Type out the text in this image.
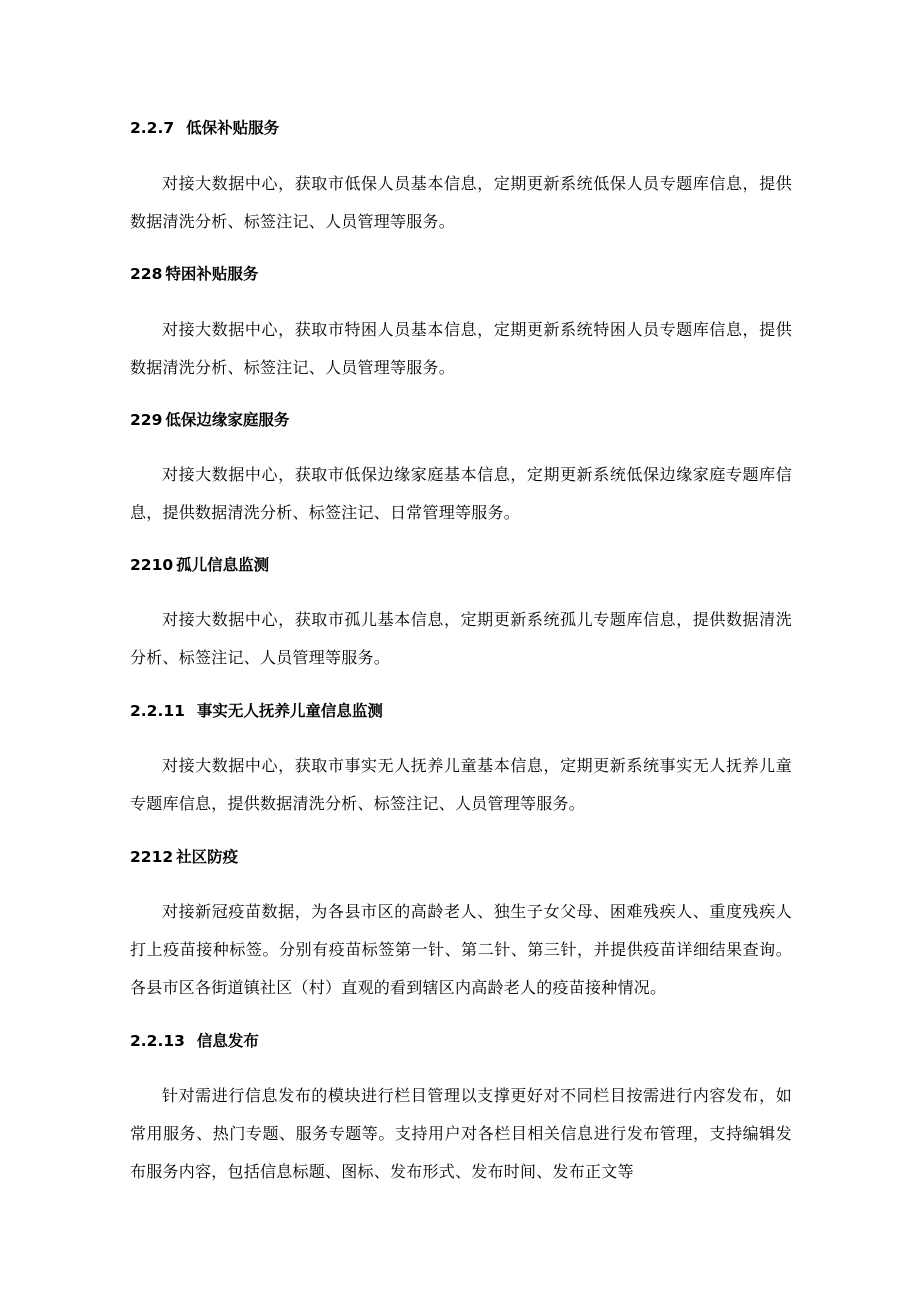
2.2.7 低保补贴服务
对接大数据中心，获取市低保人员基本信息，定期更新系统低保人员专题库信息，提供数据清洗分析、标签注记、人员管理等服务。
228 特困补贴服务
对接大数据中心，获取市特困人员基本信息，定期更新系统特困人员专题库信息，提供数据清洗分析、标签注记、人员管理等服务。
229 低保边缘家庭服务
对接大数据中心，获取市低保边缘家庭基本信息，定期更新系统低保边缘家庭专题库信息，提供数据清洗分析、标签注记、日常管理等服务。
2210 孤儿信息监测
对接大数据中心，获取市孤儿基本信息，定期更新系统孤儿专题库信息，提供数据清洗分析、标签注记、人员管理等服务。
2.2.11 事实无人抚养儿童信息监测
对接大数据中心，获取市事实无人抚养儿童基本信息，定期更新系统事实无人抚养儿童专题库信息，提供数据清洗分析、标签注记、人员管理等服务。
2212 社区防疫
对接新冠疫苗数据，为各县市区的高龄老人、独生子女父母、困难残疾人、重度残疾人打上疫苗接种标签。分别有疫苗标签第一针、第二针、第三针，并提供疫苗详细结果查询。各县市区各街道镇社区（村）直观的看到辖区内高龄老人的疫苗接种情况。
2.2.13 信息发布
针对需进行信息发布的模块进行栏目管理以支撑更好对不同栏目按需进行内容发布，如常用服务、热门专题、服务专题等。支持用户对各栏目相关信息进行发布管理，支持编辑发布服务内容，包括信息标题、图标、发布形式、发布时间、发布正文等
